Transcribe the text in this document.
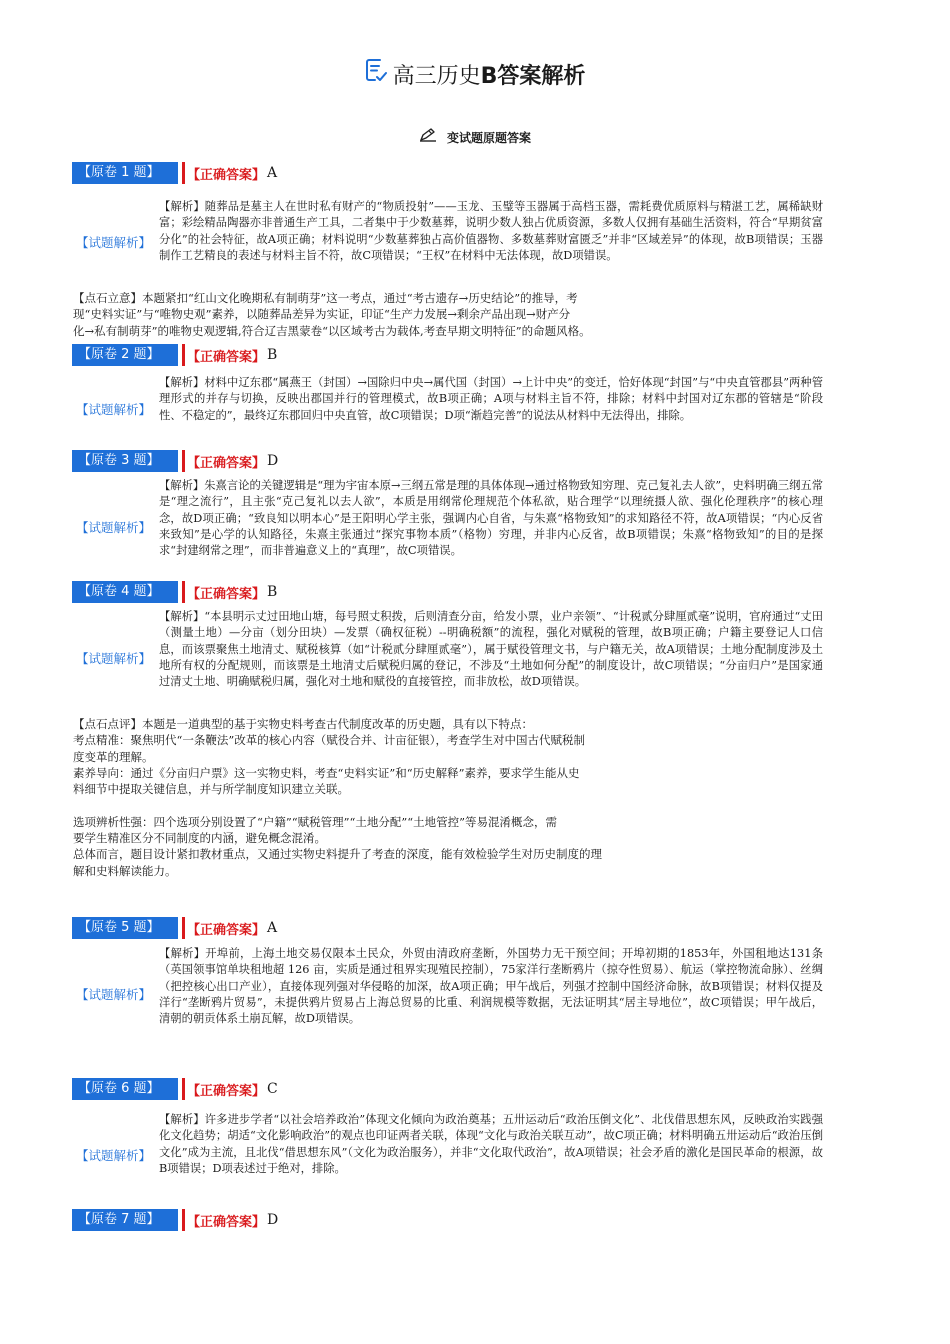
高三历史B答案解析
变试题原题答案
【原卷 1 题】	【正确答案】 A
【试题解析】
【解析】随葬品是墓主人在世时私有财产的“物质投射”——玉龙、玉璧等玉器属于高档玉器，需耗费优质原料与精湛工艺，属稀缺财富；彩绘精品陶器亦非普通生产工具，二者集中于少数墓葬，说明少数人独占优质资源，多数人仅拥有基础生活资料，符合“早期贫富分化”的社会特征，故A项正确；材料说明“少数墓葬独占高价值器物、多数墓葬财富匮乏”并非“区域差异”的体现，故B项错误；玉器制作工艺精良的表述与材料主旨不符，故C项错误；“王权”在材料中无法体现，故D项错误。
【点石立意】本题紧扣“红山文化晚期私有制萌芽”这一考点，通过“考古遗存→历史结论”的推导，考
现“史料实证”与“唯物史观”素养，以随葬品差异为实证，印证“生产力发展→剩余产品出现→财产分
化→私有制萌芽”的唯物史观逻辑,符合辽吉黑蒙卷“以区域考古为载体,考查早期文明特征”的命题风格。
【原卷 2 题】	【正确答案】 B
【试题解析】
【解析】材料中辽东郡“属燕王（封国）→国除归中央→属代国（封国）→上计中央”的变迁，恰好体现“封国”与“中央直管郡县”两种管理形式的并存与切换，反映出郡国并行的管理模式，故B项正确；A项与材料主旨不符，排除；材料中封国对辽东郡的管辖是“阶段性、不稳定的”，最终辽东郡回归中央直管，故C项错误；D项“渐趋完善”的说法从材料中无法得出，排除。
【原卷 3 题】	【正确答案】 D
【试题解析】
【解析】朱熹言论的关键逻辑是“理为宇宙本原→三纲五常是理的具体体现→通过格物致知穷理、克己复礼去人欲”，史料明确三纲五常是“理之流行”，且主张“克己复礼以去人欲”，本质是用纲常伦理规范个体私欲，贴合理学“以理统摄人欲、强化伦理秩序”的核心理念，故D项正确；“致良知以明本心”是王阳明心学主张，强调内心自省，与朱熹“格物致知”的求知路径不符，故A项错误；“内心反省来致知”是心学的认知路径，朱熹主张通过“探究事物本质”（格物）穷理，并非内心反省，故B项错误；朱熹“格物致知”的目的是探求“封建纲常之理”，而非普遍意义上的“真理”，故C项错误。
【原卷 4 题】	【正确答案】 B
【试题解析】
【解析】“本县明示丈过田地山塘，每号照丈积拨，后则清查分亩，给发小票，业户亲领”、“计税贰分肆厘贰毫”说明，官府通过“丈田（测量土地）—分亩（划分田块）—发票（确权征税）--明确税额”的流程，强化对赋税的管理，故B项正确；户籍主要登记人口信息，而该票聚焦土地清丈、赋税核算（如“计税贰分肆厘贰毫”），属于赋役管理文书，与户籍无关，故A项错误；土地分配制度涉及土地所有权的分配规则，而该票是土地清丈后赋税归属的登记，不涉及“土地如何分配”的制度设计，故C项错误；“分亩归户”是国家通过清丈土地、明确赋税归属，强化对土地和赋役的直接管控，而非放松，故D项错误。
【点石点评】本题是一道典型的基于实物史料考查古代制度改革的历史题，具有以下特点：
考点精准：聚焦明代“一条鞭法”改革的核心内容（赋役合并、计亩征银），考查学生对中国古代赋税制
度变革的理解。
素养导向：通过《分亩归户票》这一实物史料，考查“史料实证”和“历史解释”素养，要求学生能从史
料细节中提取关键信息，并与所学制度知识建立关联。

选项辨析性强：四个选项分别设置了“户籍”“赋税管理”“土地分配”“土地管控”等易混淆概念，需
要学生精准区分不同制度的内涵，避免概念混淆。
总体而言，题目设计紧扣教材重点，又通过实物史料提升了考查的深度，能有效检验学生对历史制度的理
解和史料解读能力。
【原卷 5 题】	【正确答案】 A
【试题解析】
【解析】开埠前，上海土地交易仅限本土民众，外贸由清政府垄断，外国势力无干预空间；开埠初期的1853年，外国租地达131条（英国领事馆单块租地超 126 亩，实质是通过租界实现殖民控制），75家洋行垄断鸦片（掠夺性贸易）、航运（掌控物流命脉）、丝绸（把控核心出口产业），直接体现列强对华侵略的加深，故A项正确；甲午战后，列强才控制中国经济命脉，故B项错误；材料仅提及洋行“垄断鸦片贸易”，未提供鸦片贸易占上海总贸易的比重、利润规模等数据，无法证明其“居主导地位”，故C项错误；甲午战后，清朝的朝贡体系土崩瓦解，故D项错误。
【原卷 6 题】	【正确答案】 C
【试题解析】
【解析】许多进步学者“以社会培养政治”体现文化倾向为政治奠基；五卅运动后“政治压倒文化”、北伐借思想东风，反映政治实践强化文化趋势；胡适“文化影响政治”的观点也印证两者关联，体现“文化与政治关联互动”，故C项正确；材料明确五卅运动后“政治压倒文化”成为主流，且北伐“借思想东风”（文化为政治服务），并非“文化取代政治”，故A项错误；社会矛盾的激化是国民革命的根源，故B项错误；D项表述过于绝对，排除。
【原卷 7 题】	【正确答案】 D
